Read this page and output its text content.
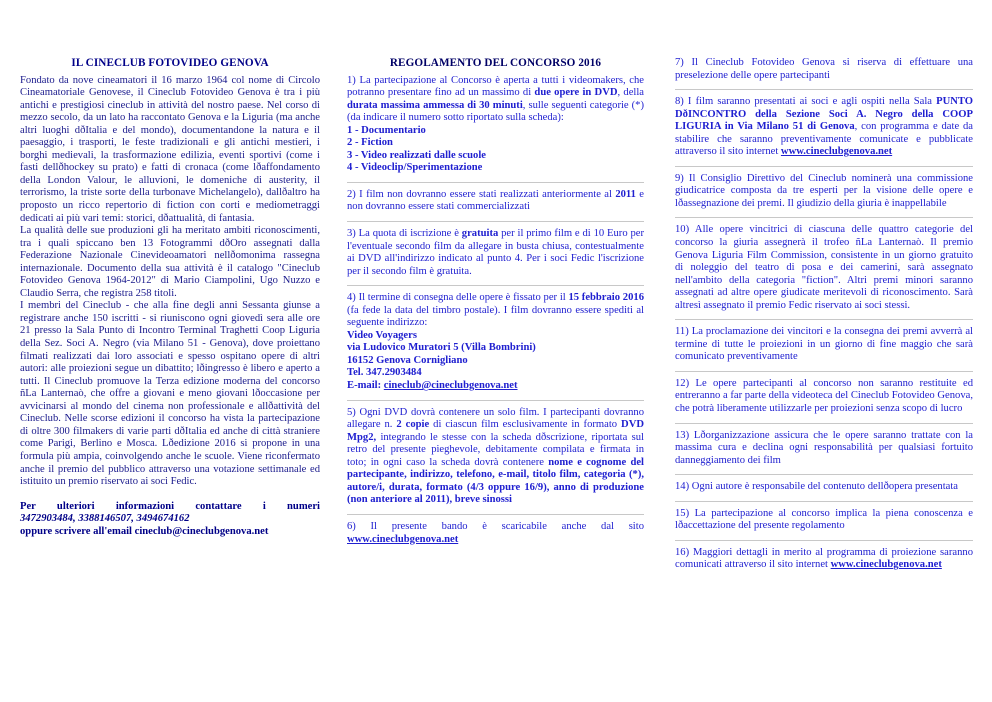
IL CINECLUB FOTOVIDEO GENOVA

Fondato da nove cineamatori il 16 marzo 1964 col nome di Circolo Cineamatoriale Genovese, il Cineclub Fotovideo Genova è tra i più antichi e prestigiosi cineclub in attività del nostro paese. Nel corso di mezzo secolo, da un lato ha raccontato Genova e la Liguria (ma anche altri luoghi dðItalia e del mondo), documentandone la natura e il paesaggio, i trasporti, le feste tradizionali e gli antichi mestieri, i borghi medievali, la trasformazione edilizia, eventi sportivi (come i fasti dellðhockey su prato) e fatti di cronaca (come lðaffondamento della London Valour, le alluvioni, le domeniche di austerity, il terrorismo, la triste sorte della turbonave Michelangelo), dallðaltro ha proposto un ricco repertorio di fiction con corti e mediometraggi dedicati ai più vari temi: storici, dðattualità, di fantasia.

La qualità delle sue produzioni gli ha meritato ambiti riconoscimenti, tra i quali spiccano ben 13 Fotogrammi dðOro assegnati dalla Federazione Nazionale Cinevideoamatori nellðomonima rassegna internazionale. Documento della sua attività è il catalogo "Cineclub Fotovideo Genova 1964-2012" di Mario Ciampolini, Ugo Nuzzo e Claudio Serra, che registra 258 titoli.

I membri del Cineclub - che alla fine degli anni Sessanta giunse a registrare anche 150 iscritti - si riuniscono ogni giovedì sera alle ore 21 presso la Sala Punto di Incontro Terminal Traghetti Coop Liguria della Sez. Soci A. Negro (via Milano 51 - Genova), dove proiettano filmati realizzati dai loro associati e spesso ospitano opere di altri autori: alle proiezioni segue un dibattito; lðingresso è libero e aperto a tutti. Il Cineclub promuove la Terza edizione moderna del concorso ñLa Lanternaò, che offre a giovani e meno giovani lðoccasione per avvicinarsi al mondo del cinema non professionale e allðattività del Cineclub. Nelle scorse edizioni il concorso ha vista la partecipazione di oltre 300 filmakers di varie parti dðItalia ed anche di città straniere come Parigi, Berlino e Mosca. Lðedizione 2016 si propone in una formula più ampia, coinvolgendo anche le scuole. Viene riconfermato anche il premio del pubblico attraverso una votazione settimanale ed istituito un premio riservato ai soci Fedic.

Per ulteriori informazioni contattare i numeri

3472903484, 3388146507, 3494674162

oppure scrivere all'email cineclub@cineclubgenova.net

REGOLAMENTO DEL CONCORSO 2016

1) La partecipazione al Concorso è aperta a tutti i videomakers, che potranno presentare fino ad un massimo di due opere in DVD, della durata massima ammessa di 30 minuti, sulle seguenti categorie (*) (da indicare il numero sotto riportato sulla scheda):

1 - Documentario

2 - Fiction

3 - Video realizzati dalle scuole

4 - Videoclip/Sperimentazione

2) I film non dovranno essere stati realizzati anteriormente al 2011 e non dovranno essere stati commercializzati

3) La quota di iscrizione è gratuita per il primo film e di 10 Euro per l'eventuale secondo film da allegare in busta chiusa, contestualmente ai DVD all'indirizzo indicato al punto 4. Per i soci Fedic l'iscrizione per il secondo film è gratuita.

4) Il termine di consegna delle opere è fissato per il 15 febbraio 2016 (fa fede la data del timbro postale). I film dovranno essere spediti al seguente indirizzo:

Video Voyagers

via Ludovico Muratori 5 (Villa Bombrini)

16152 Genova Cornigliano

Tel. 347.2903484

E-mail: cineclub@cineclubgenova.net

5) Ogni DVD dovrà contenere un solo film. I partecipanti dovranno allegare n. 2 copie di ciascun film esclusivamente in formato DVD Mpg2, integrando le stesse con la scheda dðscrizione, riportata sul retro del presente pieghevole, debitamente compilata e firmata in toto; in ogni caso la scheda dovrà contenere nome e cognome del partecipante, indirizzo, telefono, e-mail, titolo film, categoria (*), autore/i, durata, formato (4/3 oppure 16/9), anno di produzione (non anteriore al 2011), breve sinossi

6) Il presente bando è scaricabile anche dal sito www.cineclubgenova.net

7) Il Cineclub Fotovideo Genova si riserva di effettuare una preselezione delle opere partecipanti

8) I film saranno presentati ai soci e agli ospiti nella Sala PUNTO DðINCONTRO della Sezione Soci A. Negro della COOP LIGURIA in Via Milano 51 di Genova, con programma e date da stabilire che saranno preventivamente comunicate e pubblicate attraverso il sito internet www.cineclubgenova.net

9) Il Consiglio Direttivo del Cineclub nominerà una commissione giudicatrice composta da tre esperti per la visione delle opere e lðassegnazione dei premi. Il giudizio della giuria è inappellabile

10) Alle opere vincitrici di ciascuna delle quattro categorie del concorso la giuria assegnerà il trofeo ñLa Lanternaò. Il premio Genova Liguria Film Commission, consistente in un giorno gratuito di noleggio del teatro di posa e dei camerini, sarà assegnato nell'ambito della categoria "fiction". Altri premi minori saranno assegnati ad altre opere giudicate meritevoli di riconoscimento. Sarà altresì assegnato il premio Fedic riservato ai soci stessi.

11) La proclamazione dei vincitori e la consegna dei premi avverrà al termine di tutte le proiezioni in un giorno di fine maggio che sarà comunicato preventivamente

12) Le opere partecipanti al concorso non saranno restituite ed entreranno a far parte della videoteca del Cineclub Fotovideo Genova, che potrà liberamente utilizzarle per proiezioni senza scopo di lucro

13) Lðorganizzazione assicura che le opere saranno trattate con la massima cura e declina ogni responsabilità per qualsiasi fortuito danneggiamento dei film

14) Ogni autore è responsabile del contenuto dellðopera presentata

15) La partecipazione al concorso implica la piena conoscenza e lðaccettazione del presente regolamento

16) Maggiori dettagli in merito al programma di proiezione saranno comunicati attraverso il sito internet www.cineclubgenova.net
